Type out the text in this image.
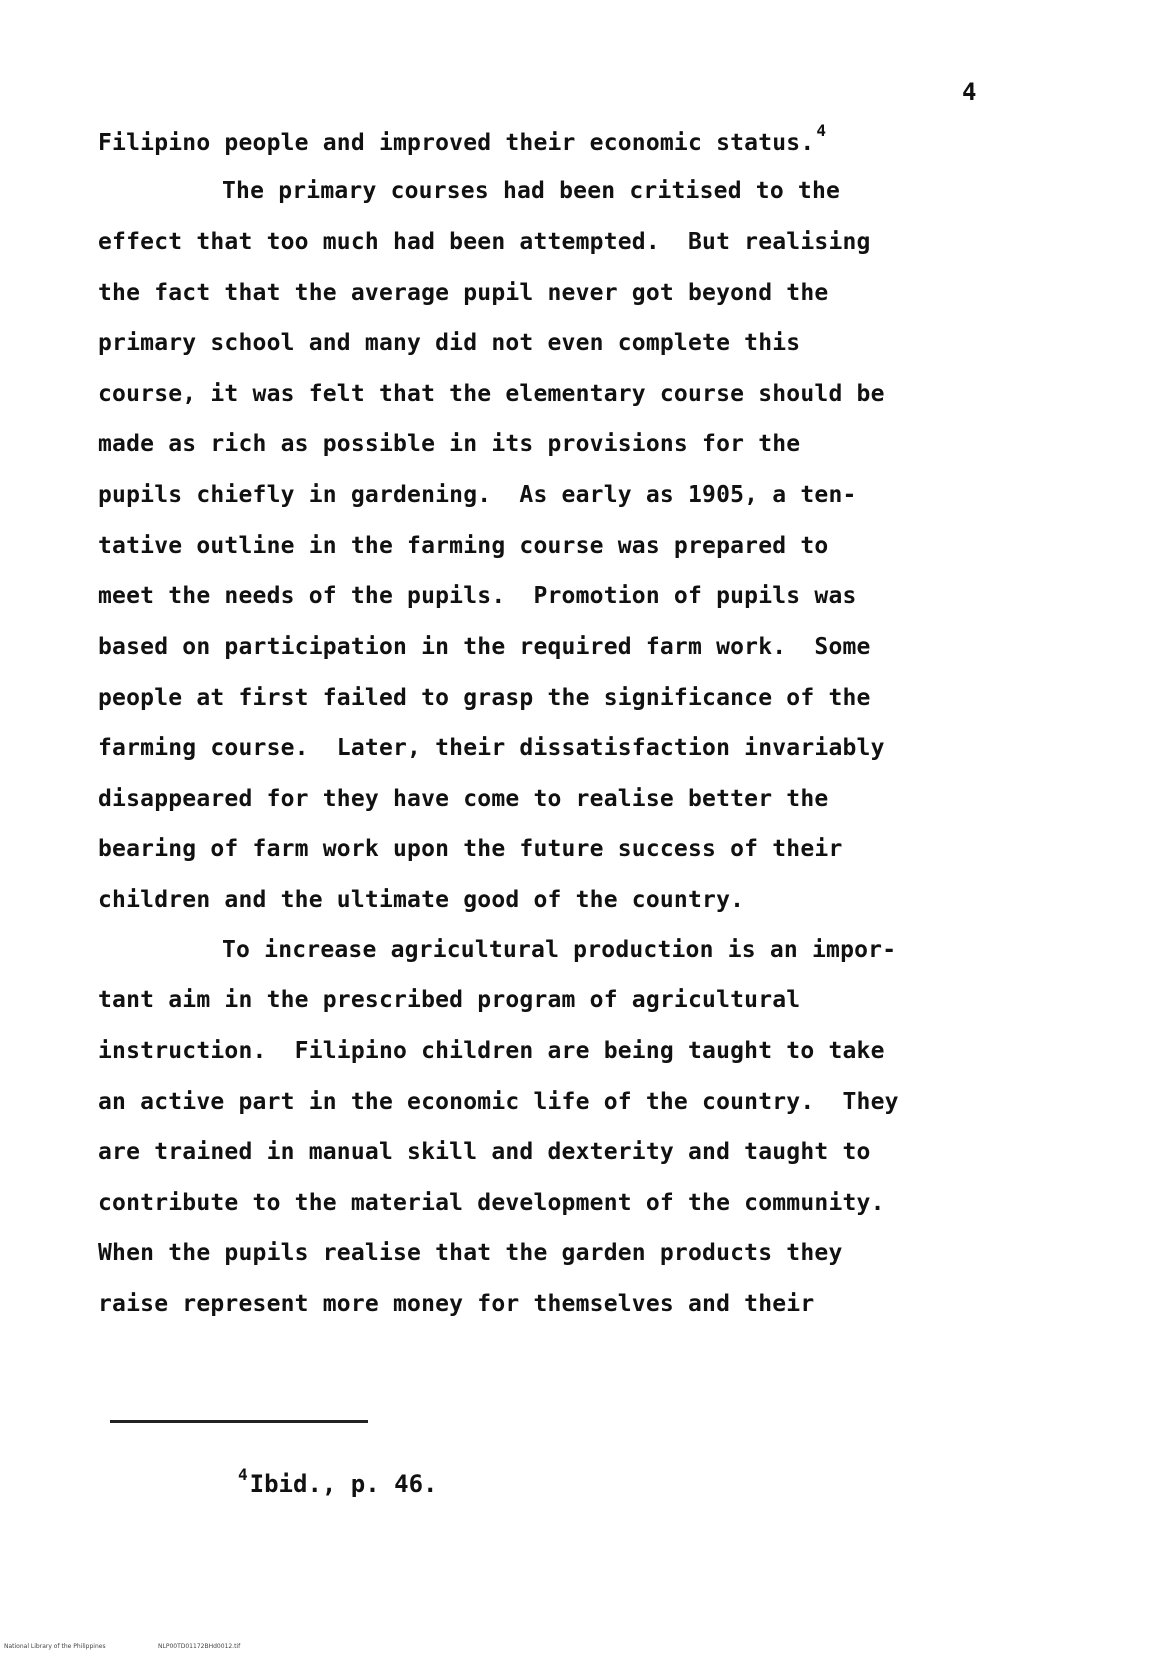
4
Filipino people and improved their economic status. $^4$
The primary courses had been critised to the
effect that too much had been attempted.  But realising
the fact that the average pupil never got beyond the
primary school and many did not even complete this
course, it was felt that the elementary course should be
made as rich as possible in its provisions for the
pupils chiefly in gardening.  As early as 1905, a ten-
tative outline in the farming course was prepared to
meet the needs of the pupils.  Promotion of pupils was
based on participation in the required farm work.  Some
people at first failed to grasp the significance of the
farming course.  Later, their dissatisfaction invariably
disappeared for they have come to realise better the
bearing of farm work upon the future success of their
children and the ultimate good of the country.
To increase agricultural production is an impor-
tant aim in the prescribed program of agricultural
instruction.  Filipino children are being taught to take
an active part in the economic life of the country.  They
are trained in manual skill and dexterity and taught to
contribute to the material development of the community.
When the pupils realise that the garden products they
raise represent more money for themselves and their
$^4$Ibid., p. 46.
National Library of the Philippines	NLP00TD01172BHd0012.tif
